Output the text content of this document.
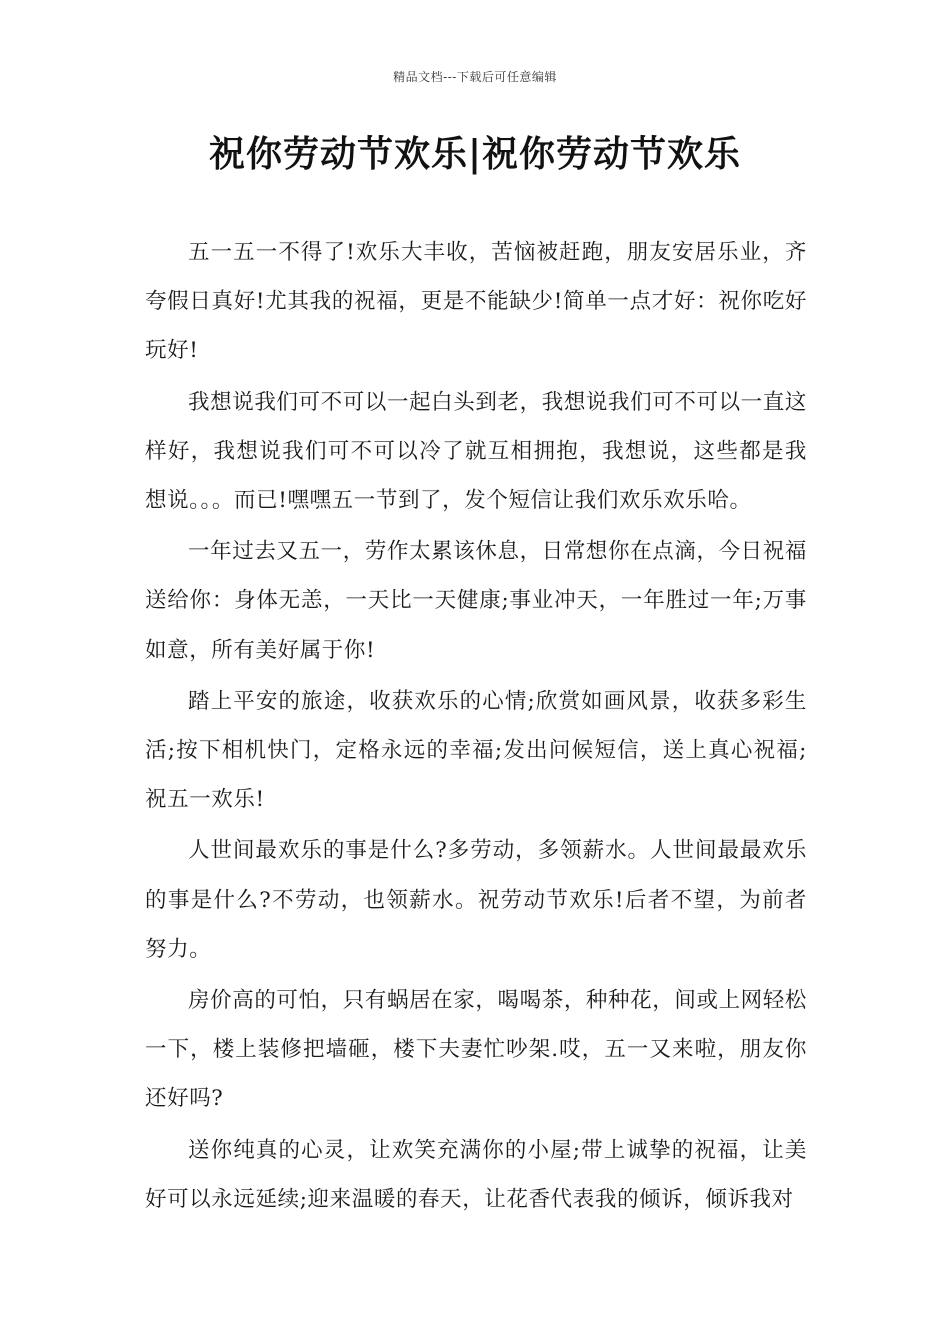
精品文档---下载后可任意编辑
祝你劳动节欢乐|祝你劳动节欢乐

五一五一不得了!欢乐大丰收，苦恼被赶跑，朋友安居乐业，齐夸假日真好!尤其我的祝福，更是不能缺少!简单一点才好：祝你吃好玩好!

我想说我们可不可以一起白头到老，我想说我们可不可以一直这样好，我想说我们可不可以冷了就互相拥抱，我想说，这些都是我想说。。。而已!嘿嘿五一节到了，发个短信让我们欢乐欢乐哈。

一年过去又五一，劳作太累该休息，日常想你在点滴，今日祝福送给你：身体无恙，一天比一天健康;事业冲天，一年胜过一年;万事如意，所有美好属于你!

踏上平安的旅途，收获欢乐的心情;欣赏如画风景，收获多彩生活;按下相机快门，定格永远的幸福;发出问候短信，送上真心祝福;祝五一欢乐!

人世间最欢乐的事是什么?多劳动，多领薪水。人世间最最欢乐的事是什么?不劳动，也领薪水。祝劳动节欢乐!后者不望，为前者努力。

房价高的可怕，只有蜗居在家，喝喝茶，种种花，间或上网轻松一下，楼上装修把墙砸，楼下夫妻忙吵架.哎，五一又来啦，朋友你还好吗?

送你纯真的心灵，让欢笑充满你的小屋;带上诚挚的祝福，让美好可以永远延续;迎来温暖的春天，让花香代表我的倾诉，倾诉我对
